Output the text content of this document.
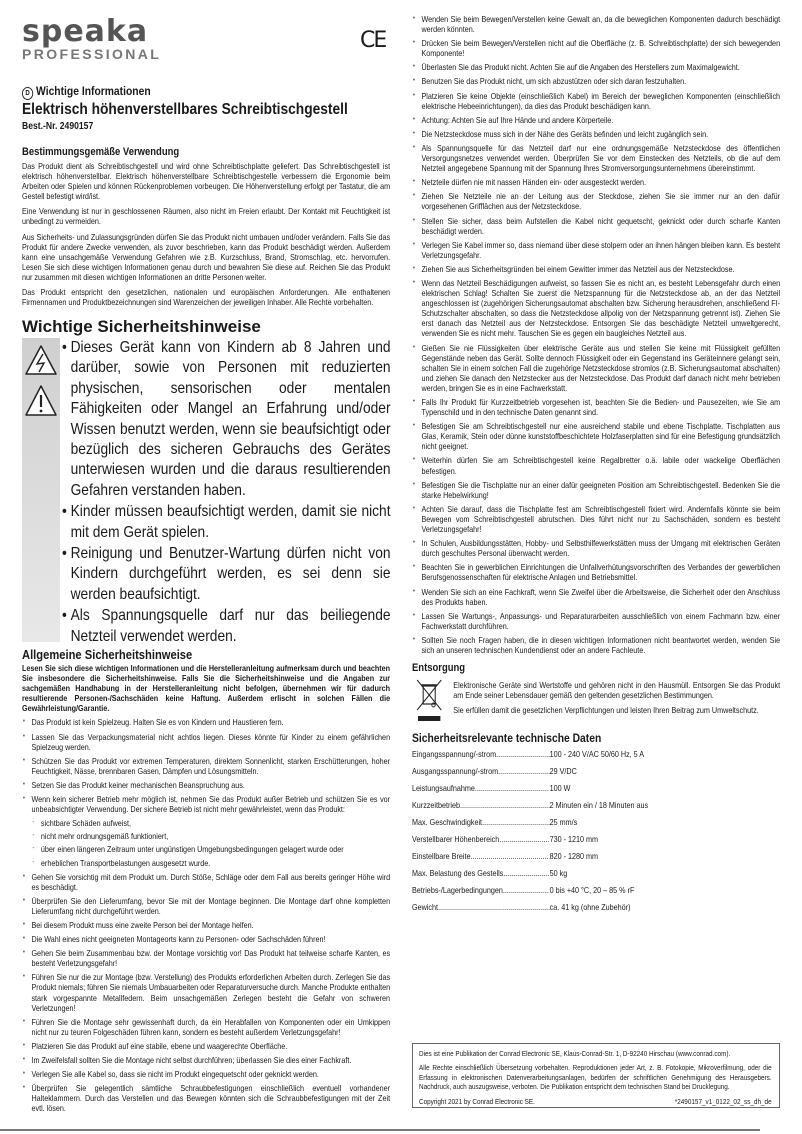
speaka
PROFESSIONAL
CE
D Wichtige Informationen
Elektrisch höhenverstellbares Schreibtischgestell
Best.-Nr. 2490157
Bestimmungsgemäße Verwendung

Das Produkt dient als Schreibtischgestell und wird ohne Schreibtischplatte geliefert. Das Schreibtischgestell ist elektrisch höhenverstellbar. Elektrisch höhenverstellbare Schreibtischgestelle verbessern die Ergonomie beim Arbeiten oder Spielen und können Rückenproblemen vorbeugen. Die Höhenverstellung erfolgt per Tastatur, die am Gestell befestigt wird/ist.

Eine Verwendung ist nur in geschlossenen Räumen, also nicht im Freien erlaubt. Der Kontakt mit Feuchtigkeit ist unbedingt zu vermeiden.

Aus Sicherheits- und Zulassungsgründen dürfen Sie das Produkt nicht umbauen und/oder verändern. Falls Sie das Produkt für andere Zwecke verwenden, als zuvor beschrieben, kann das Produkt beschädigt werden. Außerdem kann eine unsachgemäße Verwendung Gefahren wie z.B. Kurzschluss, Brand, Stromschlag, etc. hervorrufen. Lesen Sie sich diese wichtigen Informationen genau durch und bewahren Sie diese auf. Reichen Sie das Produkt nur zusammen mit diesen wichtigen Informationen an dritte Personen weiter.

Das Produkt entspricht den gesetzlichen, nationalen und europäischen Anforderungen. Alle enthaltenen Firmennamen und Produktbezeichnungen sind Warenzeichen der jeweiligen Inhaber. Alle Rechte vorbehalten.

Wichtige Sicherheitshinweise
• Dieses Gerät kann von Kindern ab 8 Jahren und darüber, sowie von Personen mit reduzierten physischen, sensorischen oder mentalen Fähigkeiten oder Mangel an Erfahrung und/oder Wissen benutzt werden, wenn sie beaufsichtigt oder bezüglich des sicheren Gebrauchs des Gerätes unterwiesen wurden und die daraus resultierenden Gefahren verstanden haben.
• Kinder müssen beaufsichtigt werden, damit sie nicht mit dem Gerät spielen.
• Reinigung und Benutzer-Wartung dürfen nicht von Kindern durchgeführt werden, es sei denn sie werden beaufsichtigt.
• Als Spannungsquelle darf nur das beiliegende Netzteil verwendet werden.
Allgemeine Sicherheitshinweise
Lesen Sie sich diese wichtigen Informationen und die Herstelleranleitung aufmerksam durch und beachten Sie insbesondere die Sicherheitshinweise. Falls Sie die Sicherheitshinweise und die Angaben zur sachgemäßen Handhabung in der Herstelleranleitung nicht befolgen, übernehmen wir für dadurch resultierende Personen-/Sachschäden keine Haftung. Außerdem erlischt in solchen Fällen die Gewährleistung/Garantie.
• Das Produkt ist kein Spielzeug. Halten Sie es von Kindern und Haustieren fern.
• Lassen Sie das Verpackungsmaterial nicht achtlos liegen. Dieses könnte für Kinder zu einem gefährlichen Spielzeug werden.
• Schützen Sie das Produkt vor extremen Temperaturen, direktem Sonnenlicht, starken Erschütterungen, hoher Feuchtigkeit, Nässe, brennbaren Gasen, Dämpfen und Lösungsmitteln.
• Setzen Sie das Produkt keiner mechanischen Beanspruchung aus.
• Wenn kein sicherer Betrieb mehr möglich ist, nehmen Sie das Produkt außer Betrieb und schützen Sie es vor unbeabsichtigter Verwendung. Der sichere Betrieb ist nicht mehr gewährleistet, wenn das Produkt:
- sichtbare Schäden aufweist,
- nicht mehr ordnungsgemäß funktioniert,
- über einen längeren Zeitraum unter ungünstigen Umgebungsbedingungen gelagert wurde oder
- erheblichen Transportbelastungen ausgesetzt wurde.
• Gehen Sie vorsichtig mit dem Produkt um. Durch Stöße, Schläge oder dem Fall aus bereits geringer Höhe wird es beschädigt.
• Überprüfen Sie den Lieferumfang, bevor Sie mit der Montage beginnen. Die Montage darf ohne kompletten Lieferumfang nicht durchgeführt werden.
• Bei diesem Produkt muss eine zweite Person bei der Montage helfen.
• Die Wahl eines nicht geeigneten Montageorts kann zu Personen- oder Sachschäden führen!
• Gehen Sie beim Zusammenbau bzw. der Montage vorsichtig vor! Das Produkt hat teilweise scharfe Kanten, es besteht Verletzungsgefahr!
• Führen Sie nur die zur Montage (bzw. Verstellung) des Produkts erforderlichen Arbeiten durch. Zerlegen Sie das Produkt niemals; führen Sie niemals Umbauarbeiten oder Reparaturversuche durch. Manche Produkte enthalten stark vorgespannte Metallfedern. Beim unsachgemäßen Zerlegen besteht die Gefahr von schweren Verletzungen!
• Führen Sie die Montage sehr gewissenhaft durch, da ein Herabfallen von Komponenten oder ein Umkippen nicht nur zu teuren Folgeschäden führen kann, sondern es besteht außerdem Verletzungsgefahr!
• Platzieren Sie das Produkt auf eine stabile, ebene und waagerechte Oberfläche.
• Im Zweifelsfall sollten Sie die Montage nicht selbst durchführen; überlassen Sie dies einer Fachkraft.
• Verlegen Sie alle Kabel so, dass sie nicht im Produkt eingequetscht oder geknickt werden.
• Überprüfen Sie gelegentlich sämtliche Schraubbefestigungen einschließlich eventuell vorhandener Halteklammern. Durch das Verstellen und das Bewegen könnten sich die Schraubbefestigungen mit der Zeit evtl. lösen.
• Wenden Sie beim Bewegen/Verstellen keine Gewalt an, da die beweglichen Komponenten dadurch beschädigt werden könnten.
• Drücken Sie beim Bewegen/Verstellen nicht auf die Oberfläche (z. B. Schreibtischplatte) der sich bewegenden Komponente!
• Überlasten Sie das Produkt nicht. Achten Sie auf die Angaben des Herstellers zum Maximalgewicht.
• Benutzen Sie das Produkt nicht, um sich abzustützen oder sich daran festzuhalten.
• Platzieren Sie keine Objekte (einschließlich Kabel) im Bereich der beweglichen Komponenten (einschließlich elektrische Hebeeinrichtungen), da dies das Produkt beschädigen kann.
• Achtung: Achten Sie auf Ihre Hände und andere Körperteile.
• Die Netzsteckdose muss sich in der Nähe des Geräts befinden und leicht zugänglich sein.
• Als Spannungsquelle für das Netzteil darf nur eine ordnungsgemäße Netzsteckdose des öffentlichen Versorgungsnetzes verwendet werden. Überprüfen Sie vor dem Einstecken des Netzteils, ob die auf dem Netzteil angegebene Spannung mit der Spannung Ihres Stromversorgungsunternehmens übereinstimmt.
• Netzteile dürfen nie mit nassen Händen ein- oder ausgesteckt werden.
• Ziehen Sie Netzteile nie an der Leitung aus der Steckdose, ziehen Sie sie immer nur an den dafür vorgesehenen Grifflächen aus der Netzsteckdose.
• Stellen Sie sicher, dass beim Aufstellen die Kabel nicht gequetscht, geknickt oder durch scharfe Kanten beschädigt werden.
• Verlegen Sie Kabel immer so, dass niemand über diese stolpern oder an ihnen hängen bleiben kann. Es besteht Verletzungsgefahr.
• Ziehen Sie aus Sicherheitsgründen bei einem Gewitter immer das Netzteil aus der Netzsteckdose.
• Wenn das Netzteil Beschädigungen aufweist, so fassen Sie es nicht an, es besteht Lebensgefahr durch einen elektrischen Schlag! Schalten Sie zuerst die Netzspannung für die Netzsteckdose ab, an der das Netzteil angeschlossen ist (zugehörigen Sicherungsautomat abschalten bzw. Sicherung herausdrehen, anschließend FI-Schutzschalter abschalten, so dass die Netzsteckdose allpolig von der Netzspannung getrennt ist). Ziehen Sie erst danach das Netzteil aus der Netzsteckdose. Entsorgen Sie das beschädigte Netzteil umweltgerecht, verwenden Sie es nicht mehr. Tauschen Sie es gegen ein baugleiches Netzteil aus.
• Gießen Sie nie Flüssigkeiten über elektrische Geräte aus und stellen Sie keine mit Flüssigkeit gefüllten Gegenstände neben das Gerät. Sollte dennoch Flüssigkeit oder ein Gegenstand ins Geräteinnere gelangt sein, schalten Sie in einem solchen Fall die zugehörige Netzsteckdose stromlos (z.B. Sicherungsautomat abschalten) und ziehen Sie danach den Netzstecker aus der Netzsteckdose. Das Produkt darf danach nicht mehr betrieben werden, bringen Sie es in eine Fachwerkstatt.
• Falls Ihr Produkt für Kurzzeitbetrieb vorgesehen ist, beachten Sie die Bedien- und Pausezeiten, wie Sie am Typenschild und in den technische Daten genannt sind.
• Befestigen Sie am Schreibtischgestell nur eine ausreichend stabile und ebene Tischplatte. Tischplatten aus Glas, Keramik, Stein oder dünne kunststoffbeschichtete Holzfaserplatten sind für eine Befestigung grundsätzlich nicht geeignet.
• Weiterhin dürfen Sie am Schreibtischgestell keine Regalbretter o.ä. labile oder wackelige Oberflächen befestigen.
• Befestigen Sie die Tischplatte nur an einer dafür geeigneten Position am Schreibtischgestell. Bedenken Sie die starke Hebelwirkung!
• Achten Sie darauf, dass die Tischplatte fest am Schreibtischgestell fixiert wird. Andernfalls könnte sie beim Bewegen vom Schreibtischgestell abrutschen. Dies führt nicht nur zu Sachschäden, sondern es besteht Verletzungsgefahr!
• In Schulen, Ausbildungsstätten, Hobby- und Selbsthilfewerkstätten muss der Umgang mit elektrischen Geräten durch geschultes Personal überwacht werden.
• Beachten Sie in gewerblichen Einrichtungen die Unfallverhütungsvorschriften des Verbandes der gewerblichen Berufsgenossenschaften für elektrische Anlagen und Betriebsmittel.
• Wenden Sie sich an eine Fachkraft, wenn Sie Zweifel über die Arbeitsweise, die Sicherheit oder den Anschluss des Produkts haben.
• Lassen Sie Wartungs-, Anpassungs- und Reparaturarbeiten ausschließlich von einem Fachmann bzw. einer Fachwerkstatt durchführen.
• Sollten Sie noch Fragen haben, die in diesen wichtigen Informationen nicht beantwortet werden, wenden Sie sich an unseren technischen Kundendienst oder an andere Fachleute.
Entsorgung

Elektronische Geräte sind Wertstoffe und gehören nicht in den Hausmüll. Entsorgen Sie das Produkt am Ende seiner Lebensdauer gemäß den geltenden gesetzlichen Bestimmungen.

Sie erfüllen damit die gesetzlichen Verpflichtungen und leisten Ihren Beitrag zum Umweltschutz.

Sicherheitsrelevante technische Daten
Eingangsspannung/-strom .....	100 - 240 V/AC 50/60 Hz, 5 A
Ausgangsspannung/-strom .....	29 V/DC
Leistungsaufnahme .....	100 W
Kurzzeitbetrieb .....	2 Minuten ein / 18 Minuten aus
Max. Geschwindigkeit .....	25 mm/s
Verstellbarer Höhenbereich .....	730 - 1210 mm
Einstellbare Breite .....	820 - 1280 mm
Max. Belastung des Gestells .....	50 kg
Betriebs-/Lagerbedingungen .....	0 bis +40 °C, 20 – 85 % rF
Gewicht .....	ca. 41 kg (ohne Zubehör)

Dies ist eine Publikation der Conrad Electronic SE, Klaus-Conrad-Str. 1, D-92240 Hirschau (www.conrad.com).

Alle Rechte einschließlich Übersetzung vorbehalten. Reproduktionen jeder Art, z. B. Fotokopie, Mikroverfilmung, oder die Erfassung in elektronischen Datenverarbeitungsanlagen, bedürfen der schriftlichen Genehmigung des Herausgebers. Nachdruck, auch auszugsweise, verboten. Die Publikation entspricht dem technischen Stand bei Drucklegung.

Copyright 2021 by Conrad Electronic SE.	*2490157_v1_0122_02_ss_dh_de
